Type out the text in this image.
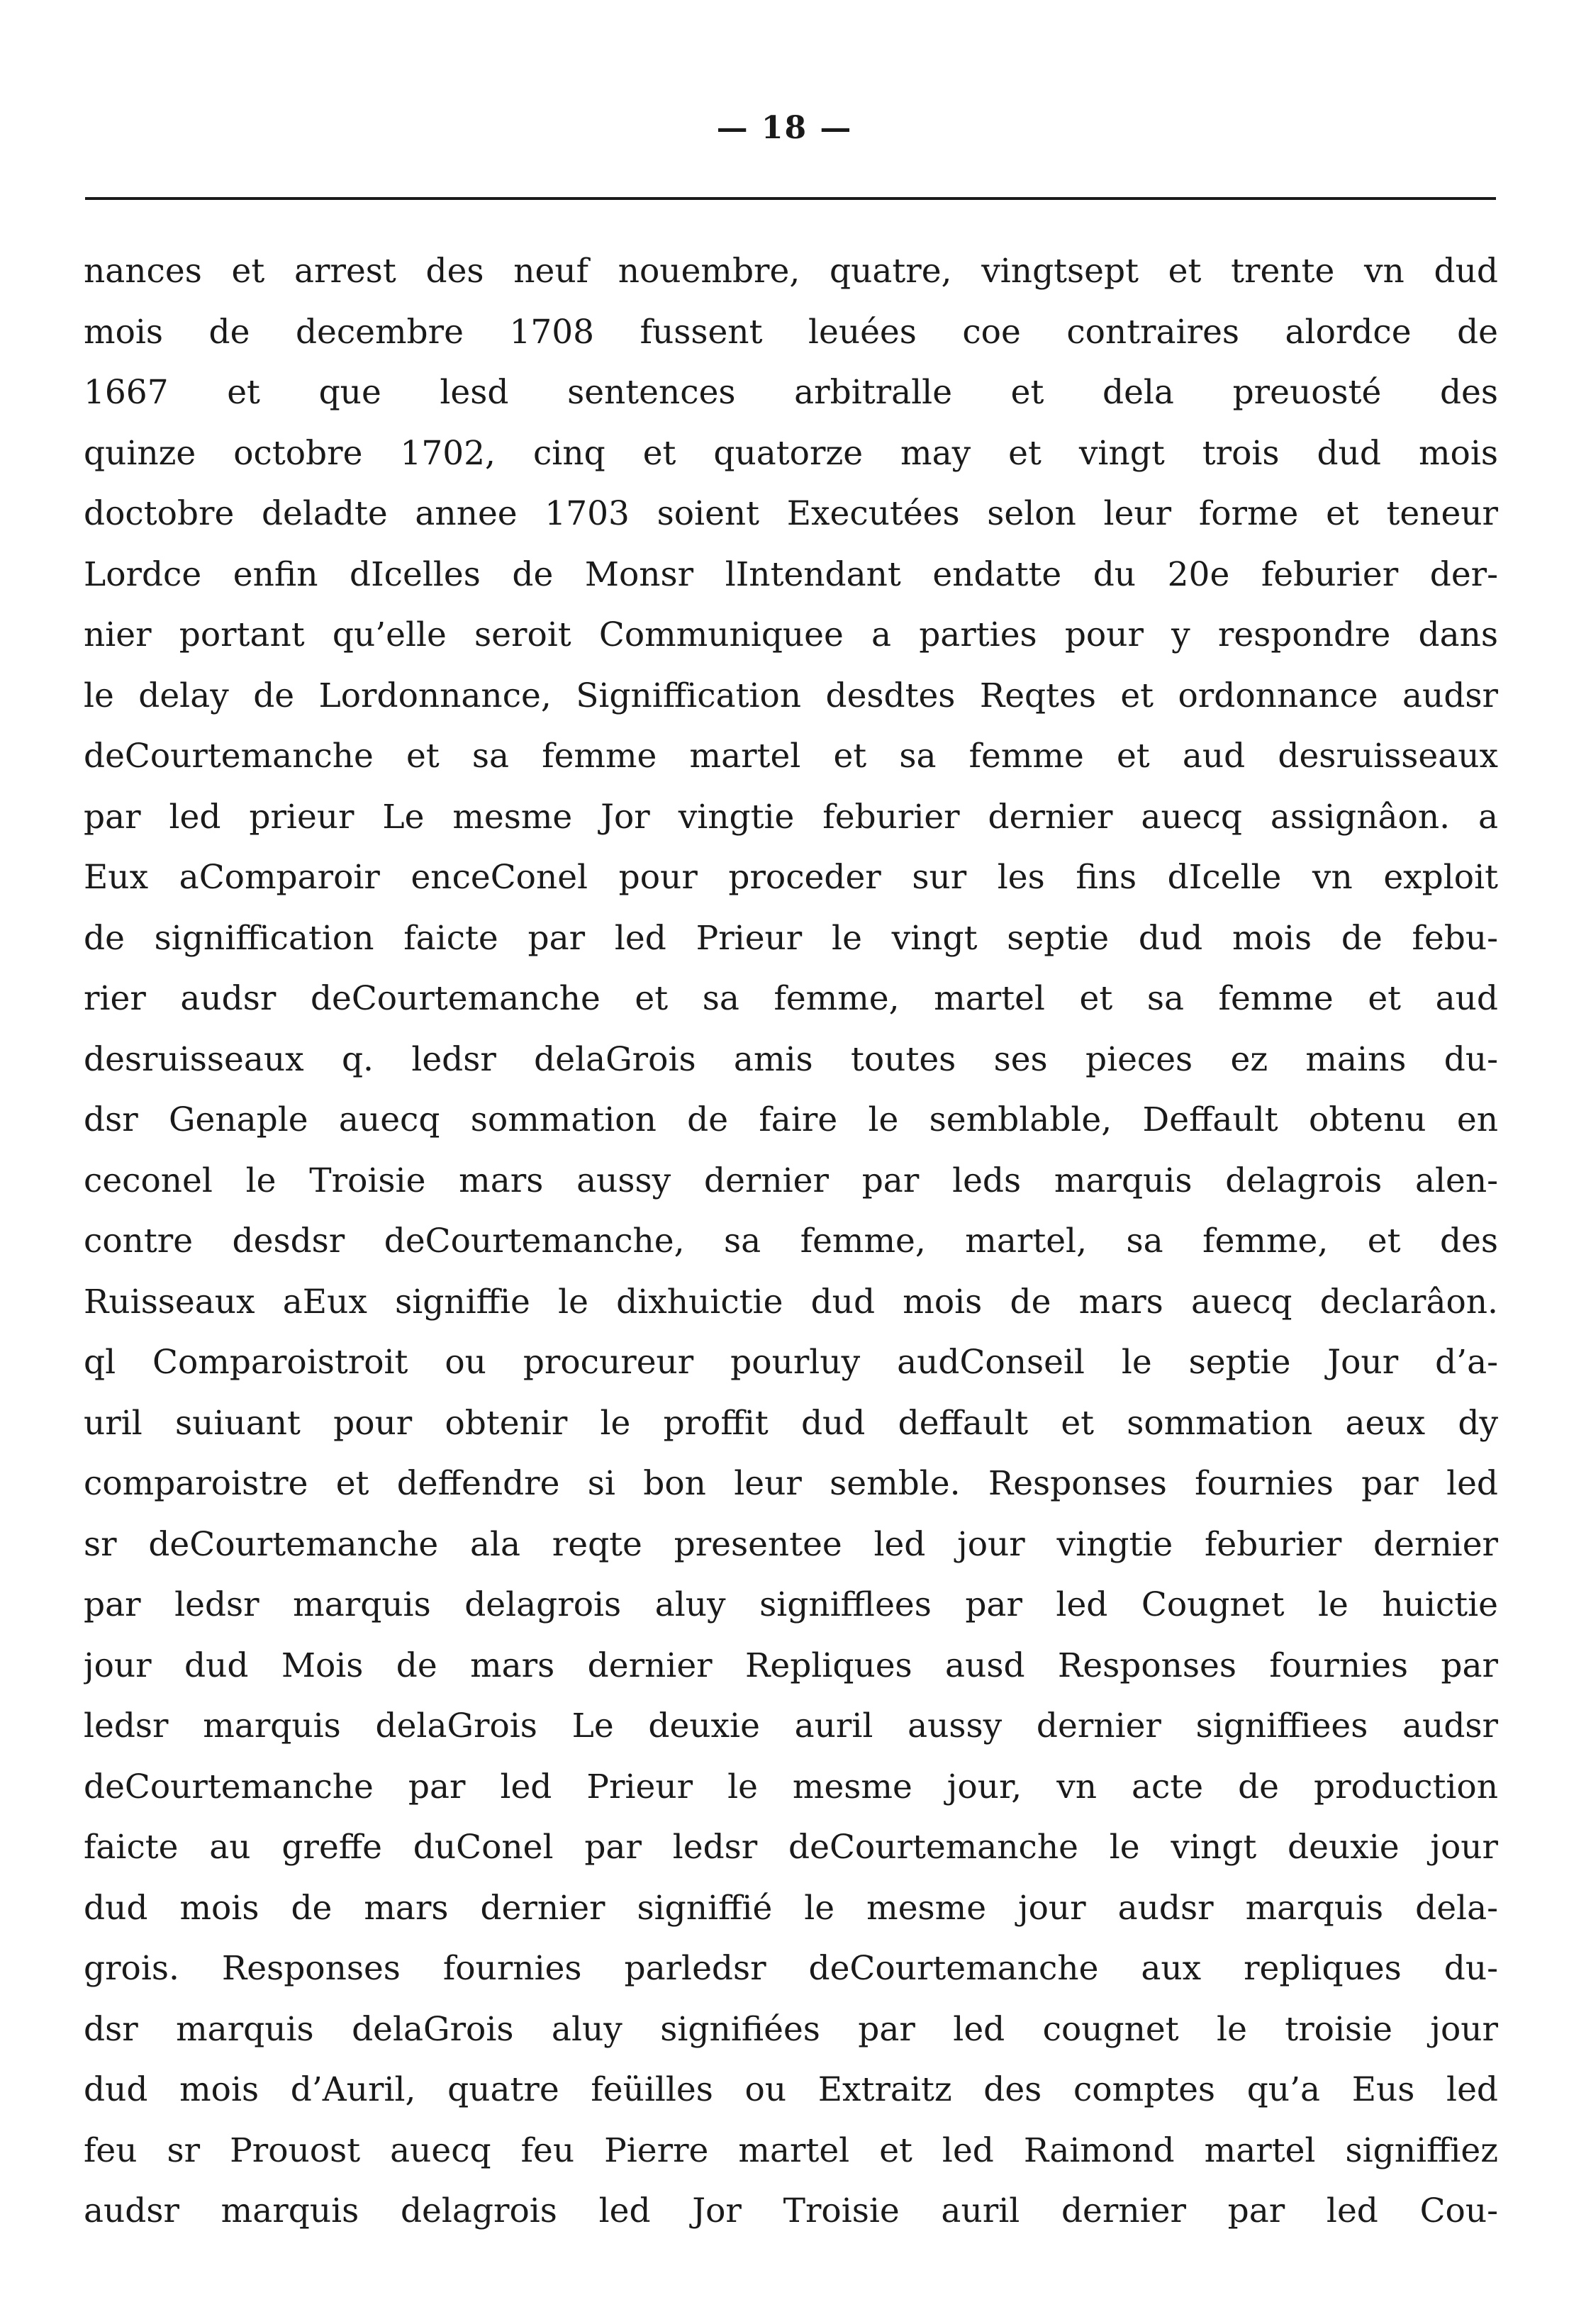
— 18 —
nances et arrest des neuf nouembre, quatre, vingtsept et trente vn dud
mois de decembre 1708 fussent leuées coe contraires alordce de
1667 et que lesd sentences arbitralle et dela preuosté des
quinze octobre 1702, cinq et quatorze may et vingt trois dud mois
doctobre deladte annee 1703 soient Executées selon leur forme et teneur
Lordce enfin dIcelles de Monsr lIntendant endatte du 20e feburier der-
nier portant qu’elle seroit Communiquee a parties pour y respondre dans
le delay de Lordonnance, Signiffication desdtes Reqtes et ordonnance audsr
deCourtemanche et sa femme martel et sa femme et aud desruisseaux
par led prieur Le mesme Jor vingtie feburier dernier auecq assignâon. a
Eux aComparoir enceConel pour proceder sur les fins dIcelle vn exploit
de signiffication faicte par led Prieur le vingt septie dud mois de febu-
rier audsr deCourtemanche et sa femme, martel et sa femme et aud
desruisseaux q. ledsr delaGrois amis toutes ses pieces ez mains du-
dsr Genaple auecq sommation de faire le semblable, Deffault obtenu en
ceconel le Troisie mars aussy dernier par leds marquis delagrois alen-
contre desdsr deCourtemanche, sa femme, martel, sa femme, et des
Ruisseaux aEux signiffie le dixhuictie dud mois de mars auecq declarâon.
ql Comparoistroit ou procureur pourluy audConseil le septie Jour d’a-
uril suiuant pour obtenir le proffit dud deffault et sommation aeux dy
comparoistre et deffendre si bon leur semble. Responses fournies par led
sr deCourtemanche ala reqte presentee led jour vingtie feburier dernier
par ledsr marquis delagrois aluy signifflees par led Cougnet le huictie
jour dud Mois de mars dernier Repliques ausd Responses fournies par
ledsr marquis delaGrois Le deuxie auril aussy dernier signiffiees audsr
deCourtemanche par led Prieur le mesme jour, vn acte de production
faicte au greffe duConel par ledsr deCourtemanche le vingt deuxie jour
dud mois de mars dernier signiffié le mesme jour audsr marquis dela-
grois. Responses fournies parledsr deCourtemanche aux repliques du-
dsr marquis delaGrois aluy signifiées par led cougnet le troisie jour
dud mois d’Auril, quatre feüilles ou Extraitz des comptes qu’a Eus led
feu sr Prouost auecq feu Pierre martel et led Raimond martel signiffiez
audsr marquis delagrois led Jor Troisie auril dernier par led Cou-
